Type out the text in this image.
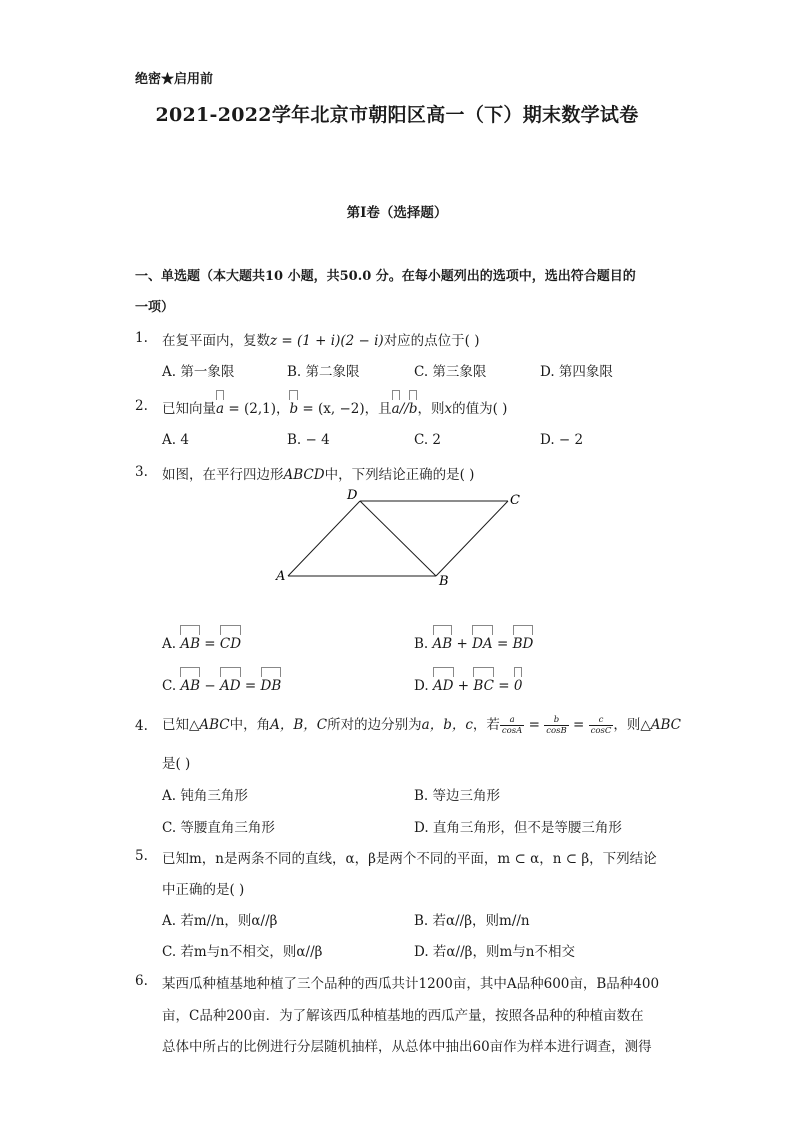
绝密★启用前
2021-2022学年北京市朝阳区高一（下）期末数学试卷
第I卷（选择题）
一、单选题（本大题共10 小题，共50.0 分。在每小题列出的选项中，选出符合题目的
一项）
1. 在复平面内，复数z = (1 + i)(2 − i)对应的点位于( )
A. 第一象限	B. 第二象限	C. 第三象限	D. 第四象限
2. 已知向量
a = (2,1)，
b = (x, −2)，且
a//
b，则x的值为( )
A. 4	B. − 4	C. 2	D. − 2
3. 如图，在平行四边形ABCD中，下列结论正确的是( )
A
D	C
B
A.
AB =
CD	B.
AB +
DA =
BD
C.
AB −
AD =
DB	D.
AD +
BC =
0
4. 已知△ABC中，角A，B，C所对的边分别为a，b，c，若 $\frac{a}{\cos A} = \frac{b}{\cos B} = \frac{c}{\cos C}$ ，则△ABC
是( )
A. 钝角三角形	B. 等边三角形
C. 等腰直角三角形	D. 直角三角形，但不是等腰三角形
5. 已知m，n是两条不同的直线，α，β是两个不同的平面，m ⊂ α，n ⊂ β，下列结论
中正确的是( )
A. 若m//n，则α//β	B. 若α//β，则m//n
C. 若m与n不相交，则α//β	D. 若α//β，则m与n不相交
6. 某西瓜种植基地种植了三个品种的西瓜共计1200亩，其中A品种600亩，B品种400
亩，C品种200亩．为了解该西瓜种植基地的西瓜产量，按照各品种的种植亩数在
总体中所占的比例进行分层随机抽样，从总体中抽出60亩作为样本进行调查，测得
